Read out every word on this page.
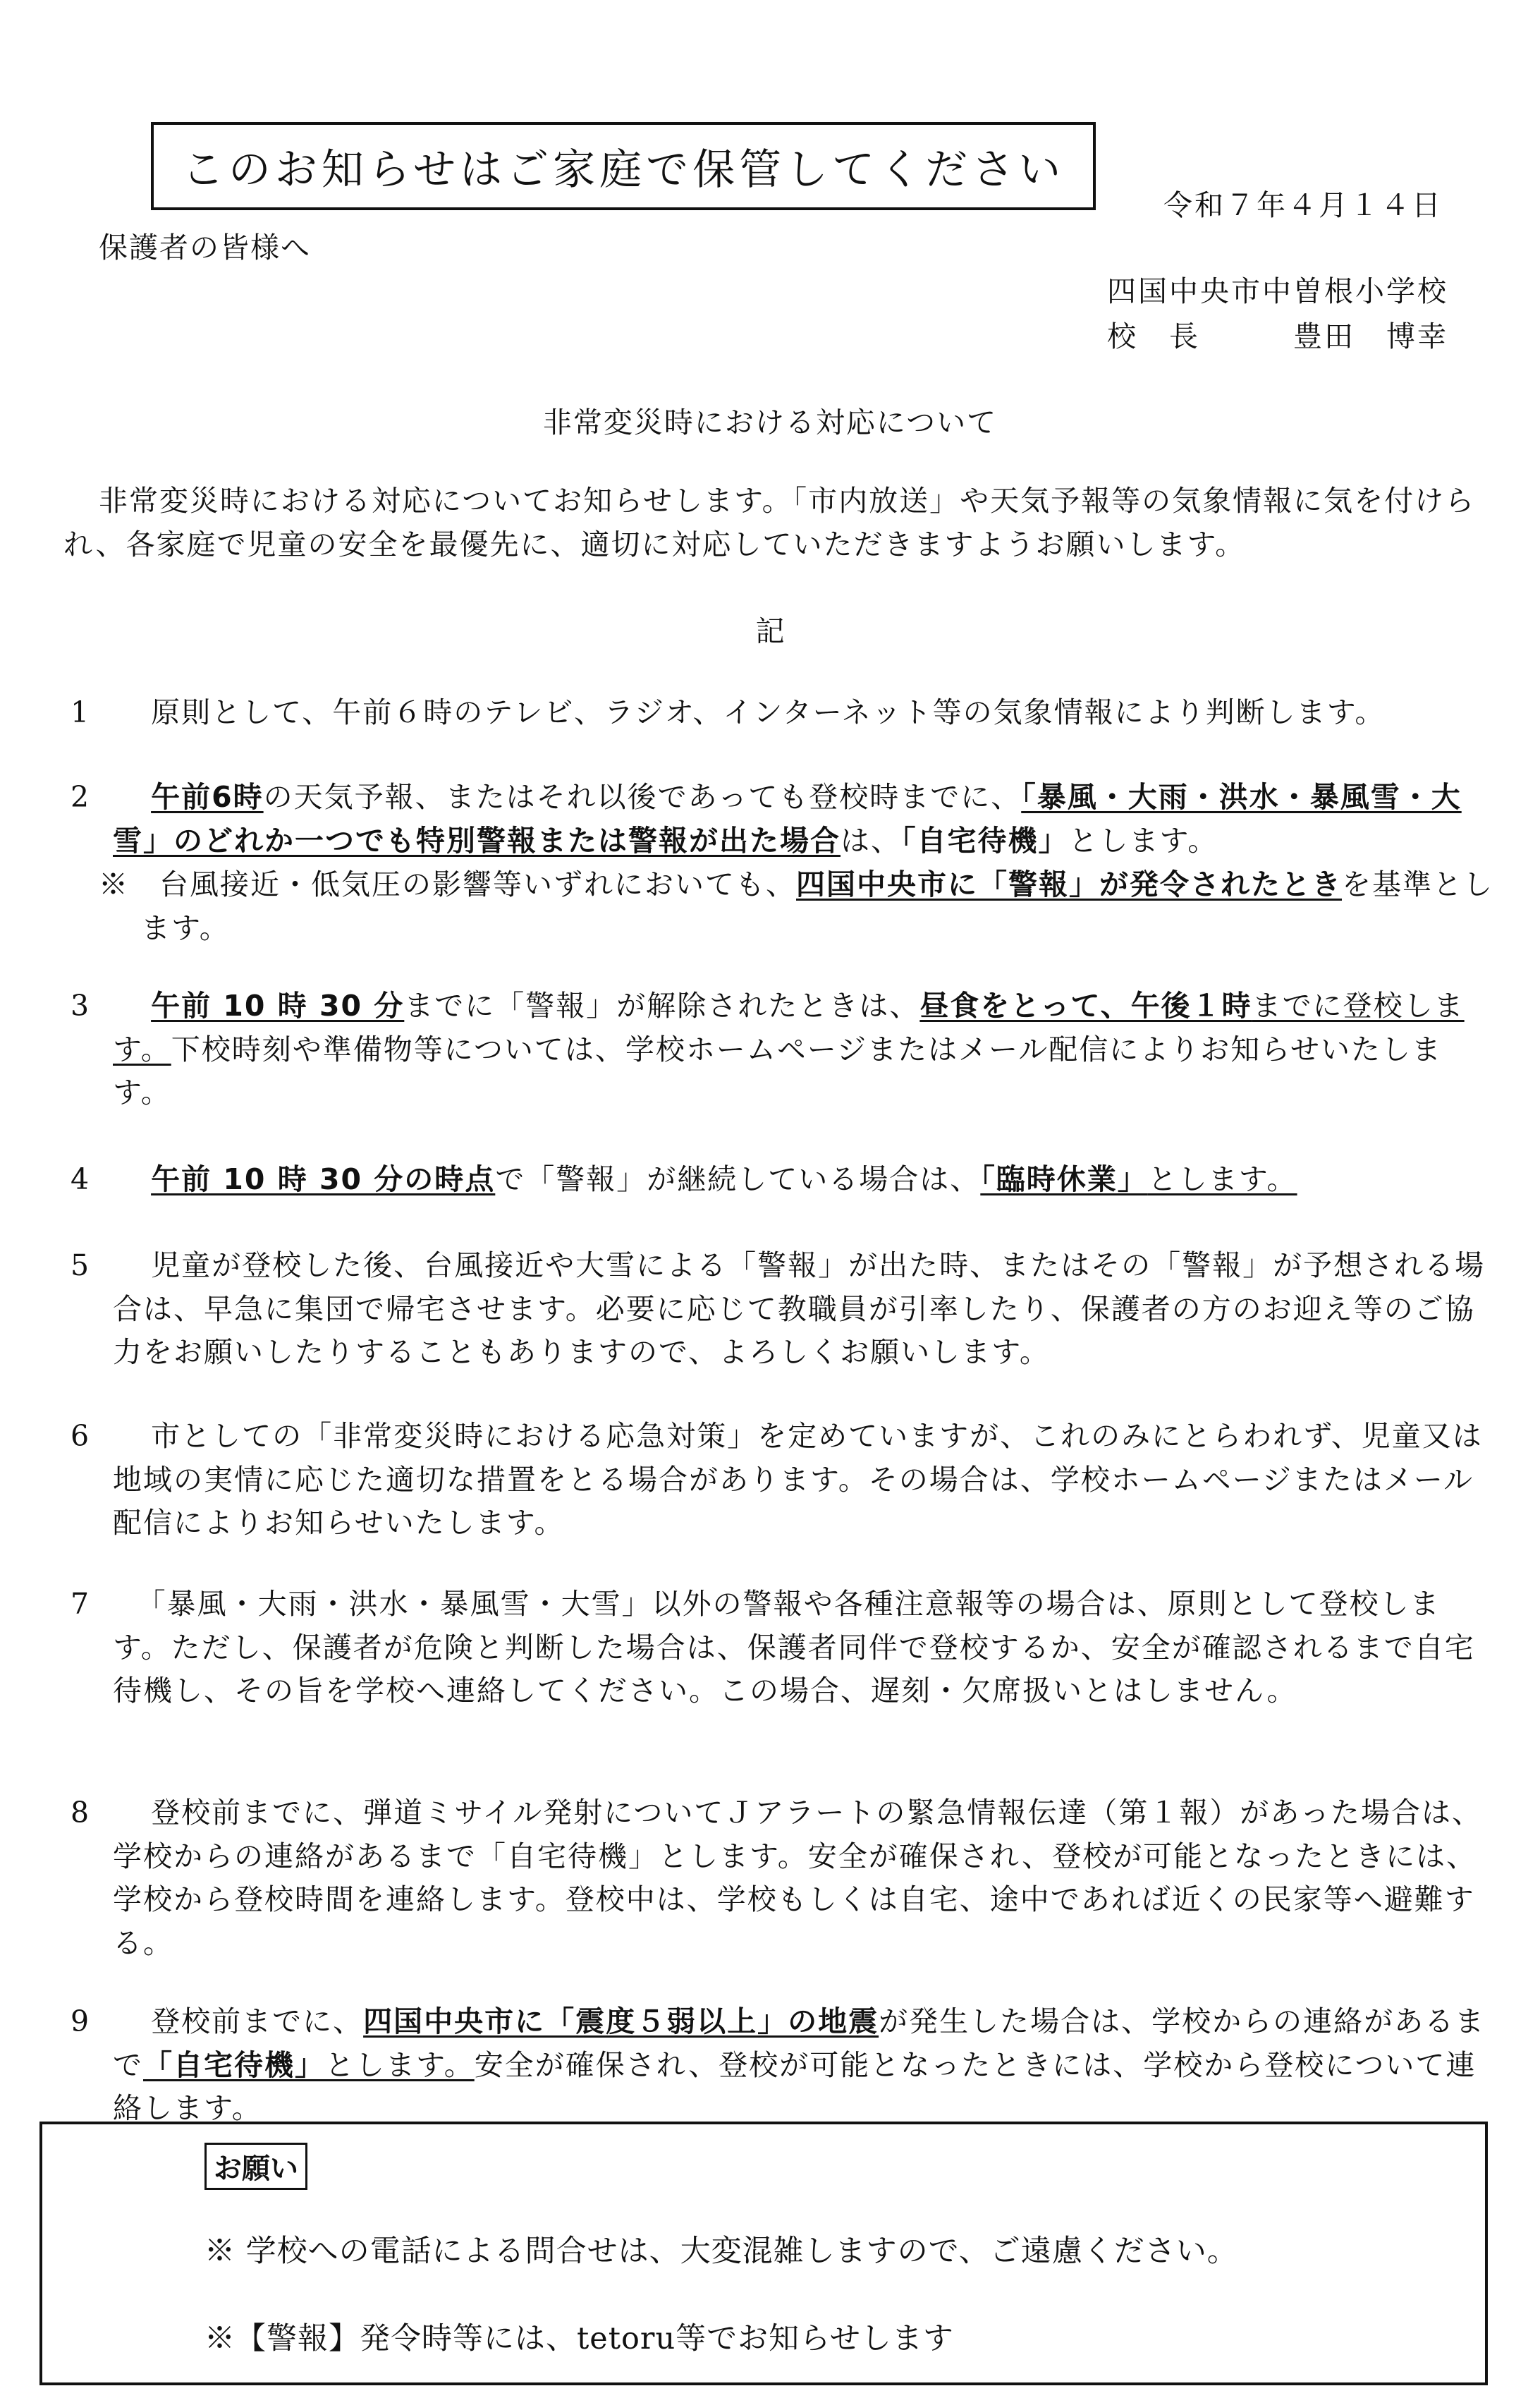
このお知らせはご家庭で保管してください
令和７年４月１４日
保護者の皆様へ
四国中央市中曽根小学校
校　長　　　豊田　博幸
非常変災時における対応について
非常変災時における対応についてお知らせします。「市内放送」や天気予報等の気象情報に気を付けられ、各家庭で児童の安全を最優先に、適切に対応していただきますようお願いします。
記
1　　 原則として、午前６時のテレビ、ラジオ、インターネット等の気象情報により判断します。
2　　 午前6時の天気予報、またはそれ以後であっても登校時までに、「暴風・大雨・洪水・暴風雪・大雪」のどれか一つでも特別警報または警報が出た場合は、「自宅待機」とします。
※　 台風接近・低気圧の影響等いずれにおいても、四国中央市に「警報」が発令されたときを基準とします。
3　　 午前 10 時 30 分までに「警報」が解除されたときは、昼食をとって、午後１時までに登校します。下校時刻や準備物等については、学校ホームページまたはメール配信によりお知らせいたします。
4　　 午前 10 時 30 分の時点で「警報」が継続している場合は、「臨時休業」とします。
5　　 児童が登校した後、台風接近や大雪による「警報」が出た時、またはその「警報」が予想される場合は、早急に集団で帰宅させます。必要に応じて教職員が引率したり、保護者の方のお迎え等のご協力をお願いしたりすることもありますので、よろしくお願いします。
6　　 市としての「非常変災時における応急対策」を定めていますが、これのみにとらわれず、児童又は地域の実情に応じた適切な措置をとる場合があります。その場合は、学校ホームページまたはメール配信によりお知らせいたします。
7　　 「暴風・大雨・洪水・暴風雪・大雪」以外の警報や各種注意報等の場合は、原則として登校します。ただし、保護者が危険と判断した場合は、保護者同伴で登校するか、安全が確認されるまで自宅待機し、その旨を学校へ連絡してください。この場合、遅刻・欠席扱いとはしません。
8　　 登校前までに、弾道ミサイル発射についてＪアラートの緊急情報伝達（第１報）があった場合は、学校からの連絡があるまで「自宅待機」とします。安全が確保され、登校が可能となったときには、学校から登校時間を連絡します。登校中は、学校もしくは自宅、途中であれば近くの民家等へ避難する。
9　　 登校前までに、四国中央市に「震度５弱以上」の地震が発生した場合は、学校からの連絡があるまで「自宅待機」とします。安全が確保され、登校が可能となったときには、学校から登校について連絡します。
お願い
※ 学校への電話による問合せは、大変混雑しますので、ご遠慮ください。
※【警報】発令時等には、tetoru等でお知らせします
